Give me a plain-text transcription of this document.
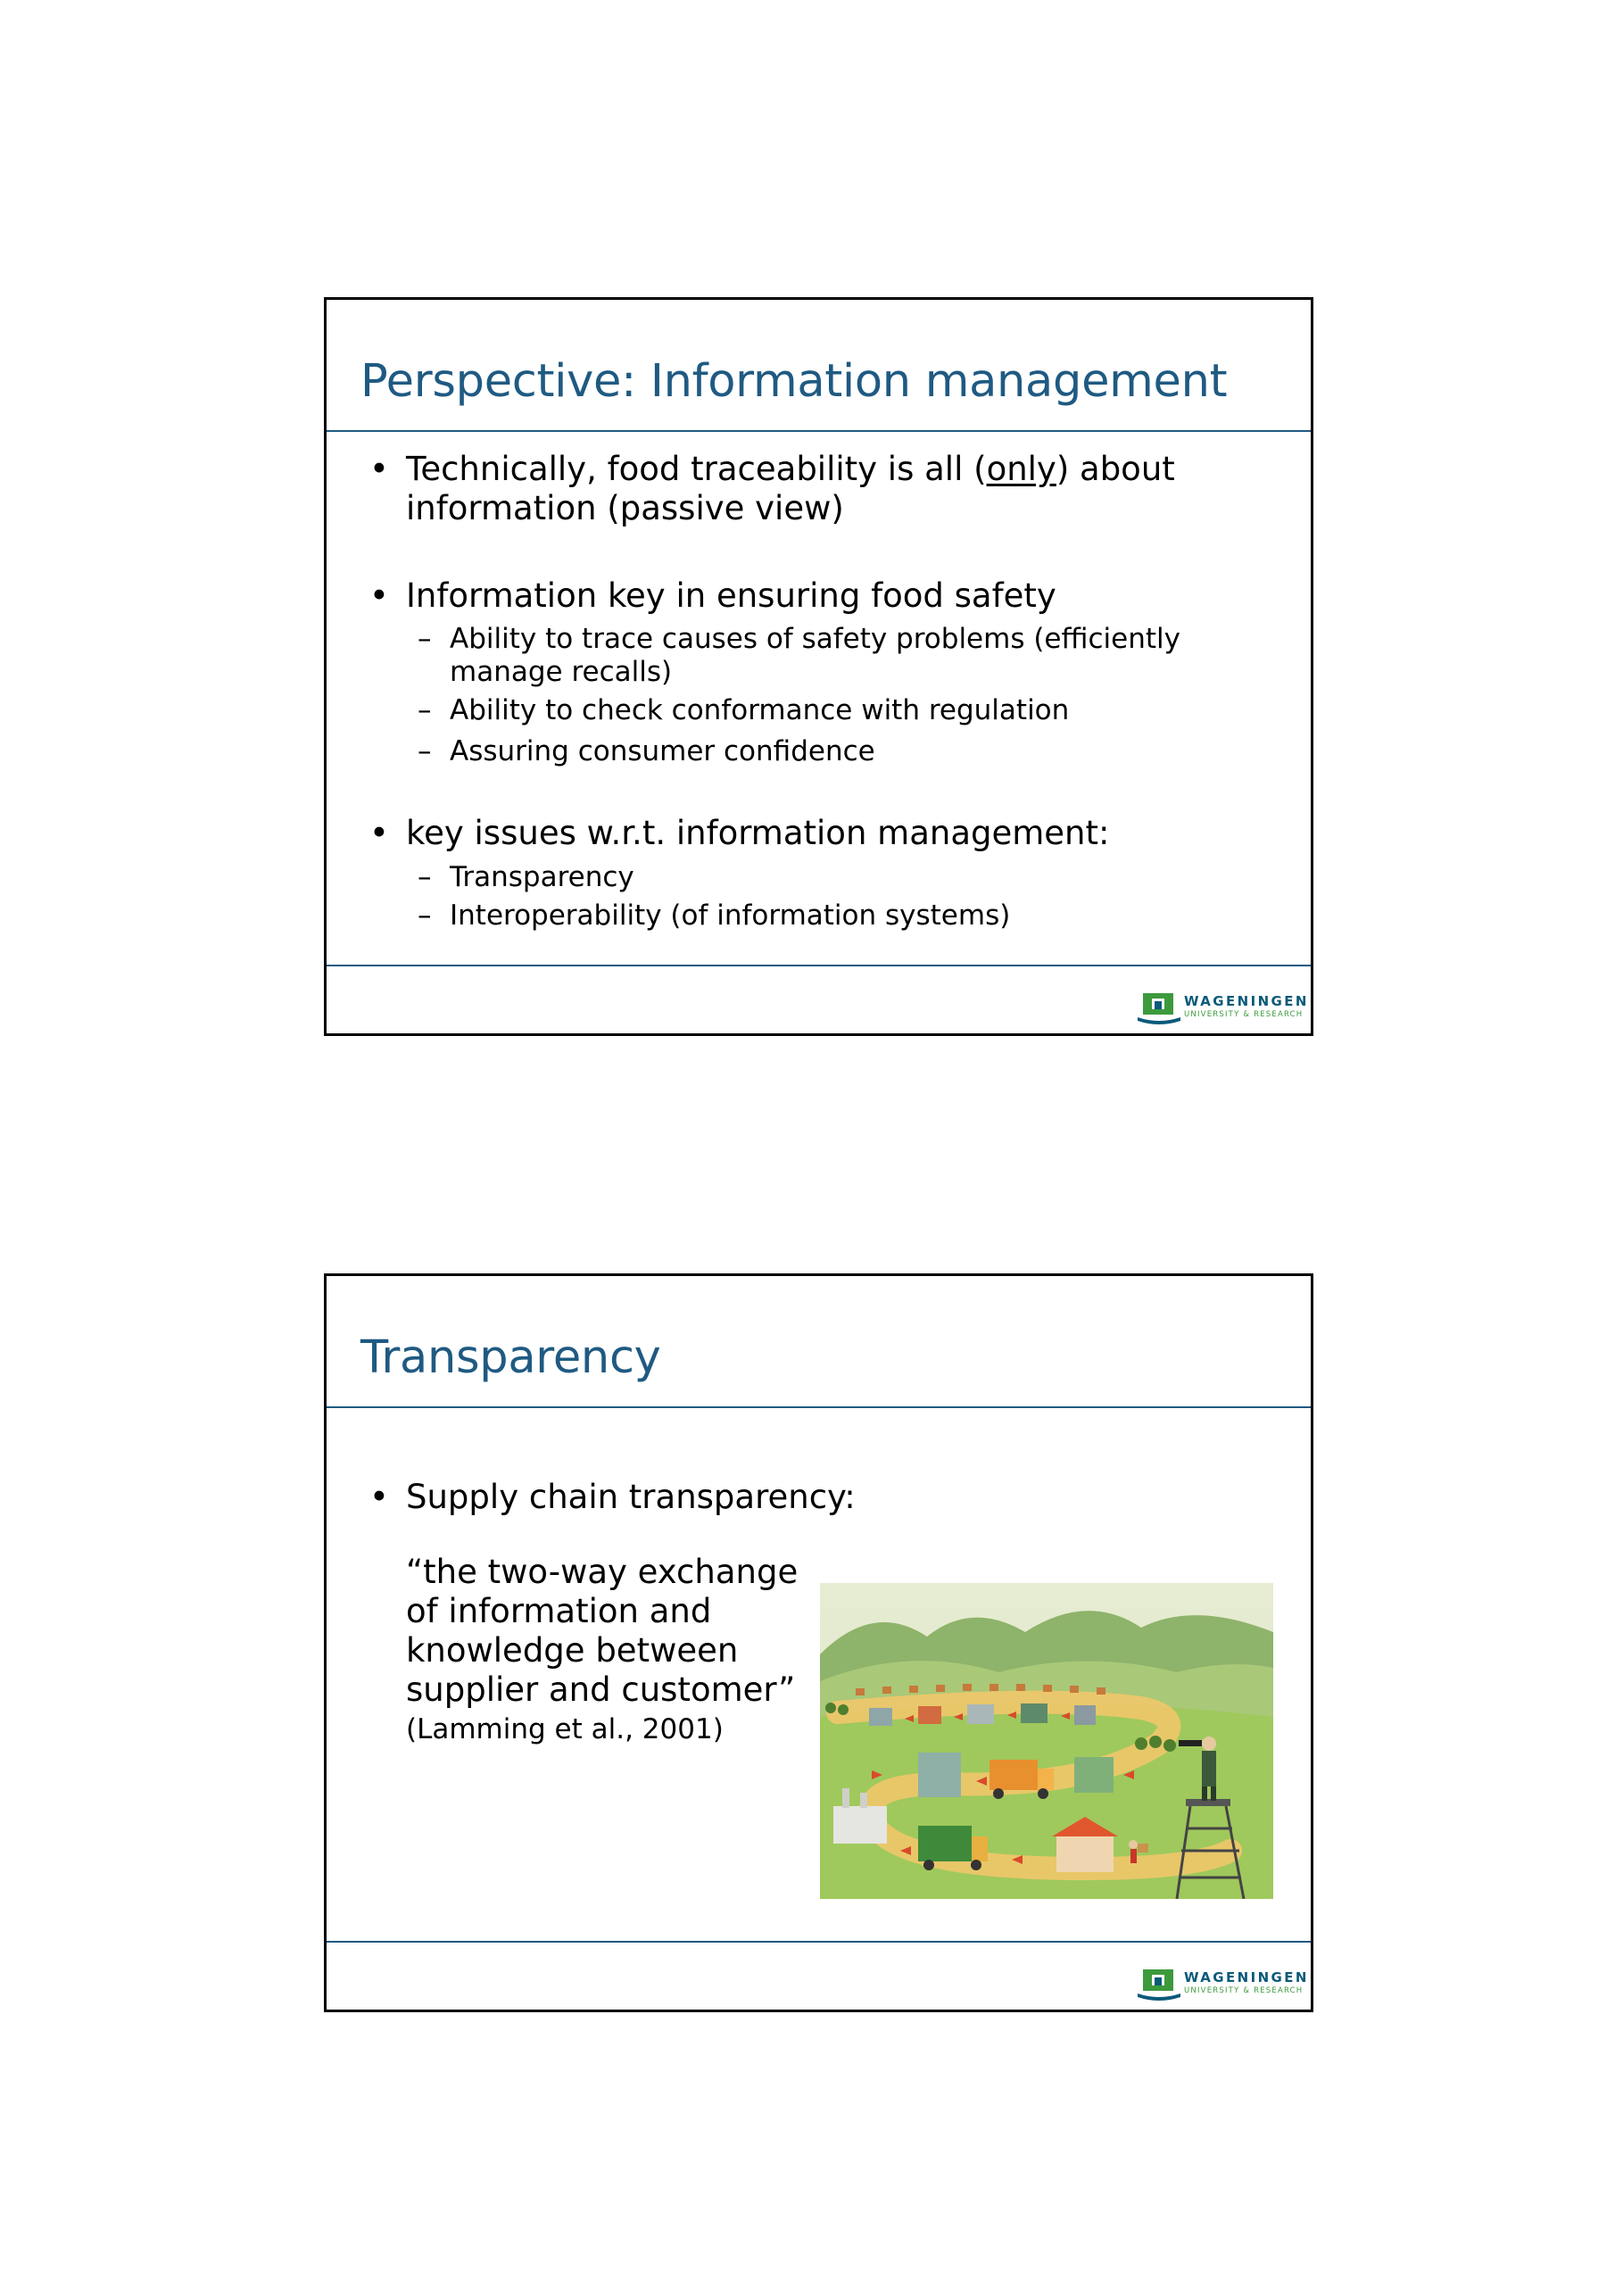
Perspective: Information management
• Technically, food traceability is all (only) about information (passive view)
• Information key in ensuring food safety
– Ability to trace causes of safety problems (efficiently manage recalls)
– Ability to check conformance with regulation
– Assuring consumer confidence
• key issues w.r.t. information management:
– Transparency
– Interoperability (of information systems)
WAGENINGEN
UNIVERSITY & RESEARCH
Transparency
• Supply chain transparency:
“the two-way exchange of information and knowledge between supplier and customer”
(Lamming et al., 2001)
WAGENINGEN
UNIVERSITY & RESEARCH
